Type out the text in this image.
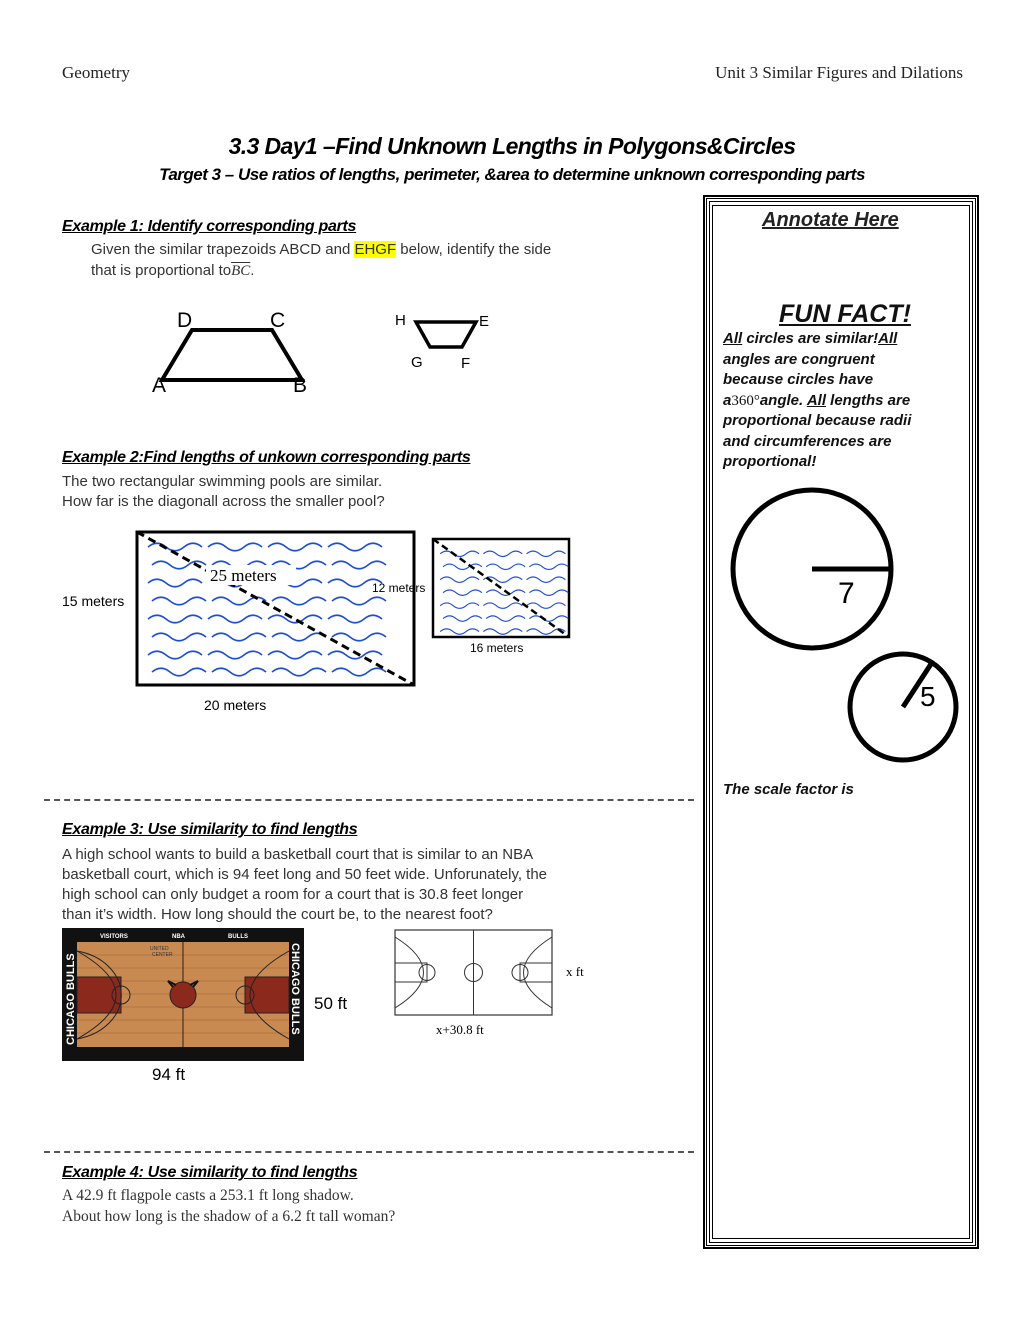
Geometry	Unit 3 Similar Figures and Dilations
3.3 Day1 –Find Unknown Lengths in Polygons&Circles
Target 3 – Use ratios of lengths, perimeter, &area to determine unknown corresponding parts
Example 1: Identify corresponding parts
Given the similar trapezoids ABCD and EHGF below, identify the side
that is proportional $to\overline{BC}$.
D	C
A	B
H	E
G	F
Example 2:Find lengths of unkown corresponding parts
The two rectangular swimming pools are similar.
How far is the diagonall across the smaller pool?
25 meters
15 meters
20 meters
12 meters
16 meters
Example 3: Use similarity to find lengths
A high school wants to build a basketball court that is similar to an NBA
basketball court, which is 94 feet long and 50 feet wide. Unforunately, the
high school can only budget a room for a court that is 30.8 feet longer
than it’s width. How long should the court be, to the nearest foot?
VISITORS	NBA	BULLS
UNITED
CENTER
CHICAGO BULLS	CHICAGO BULLS 50 ft
94 ft
x ft
x+30.8 ft
Example 4: Use similarity to find lengths
A 42.9 ft flagpole casts a 253.1 ft long shadow.
About how long is the shadow of a 6.2 ft tall woman?
Annotate Here
FUN FACT!
All circles are similar!All
angles are congruent
because circles have
a360°angle. All lengths are
proportional because radii
and circumferences are
proportional!
7
5
The scale factor is
